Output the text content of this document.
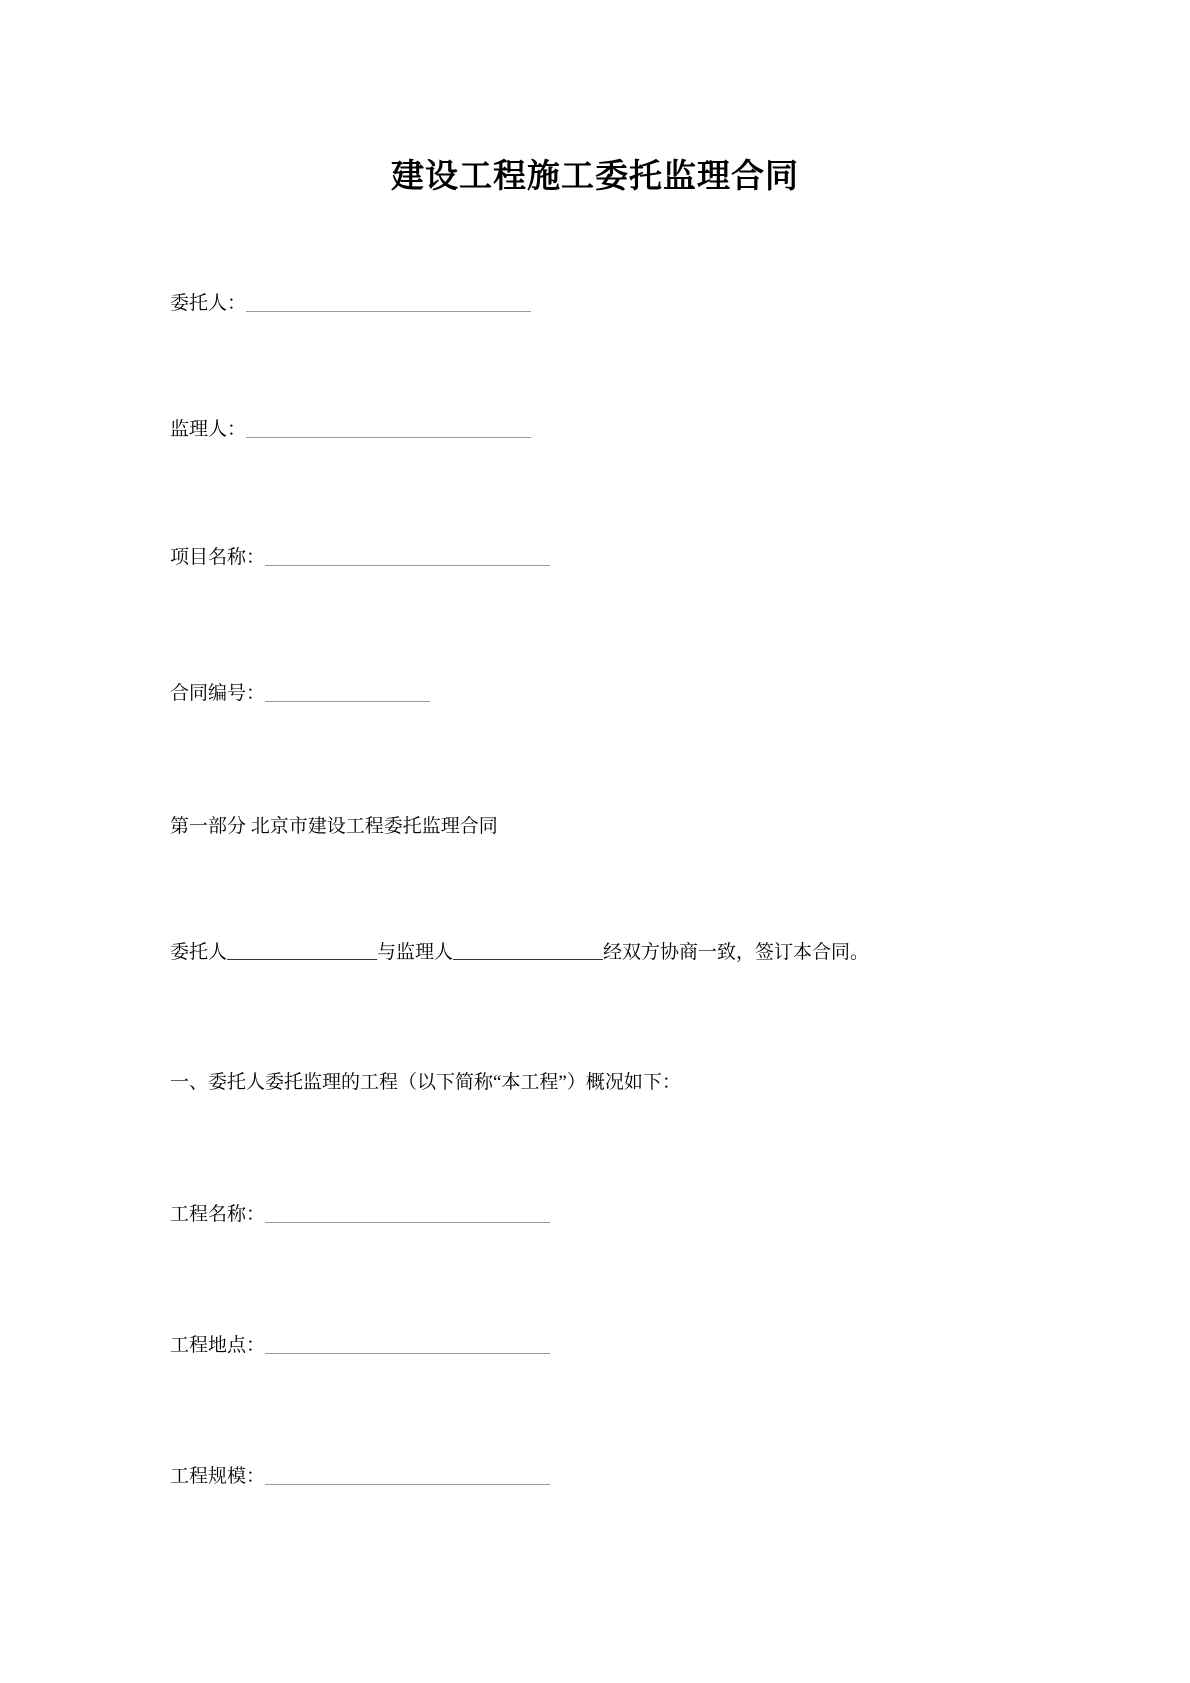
建设工程施工委托监理合同

委托人：

监理人：

项目名称：

合同编号：

第一部分 北京市建设工程委托监理合同

委托人	与监理人	经双方协商一致，签订本合同。

一、委托人委托监理的工程（以下简称“本工程”）概况如下：

工程名称：

工程地点：

工程规模：
